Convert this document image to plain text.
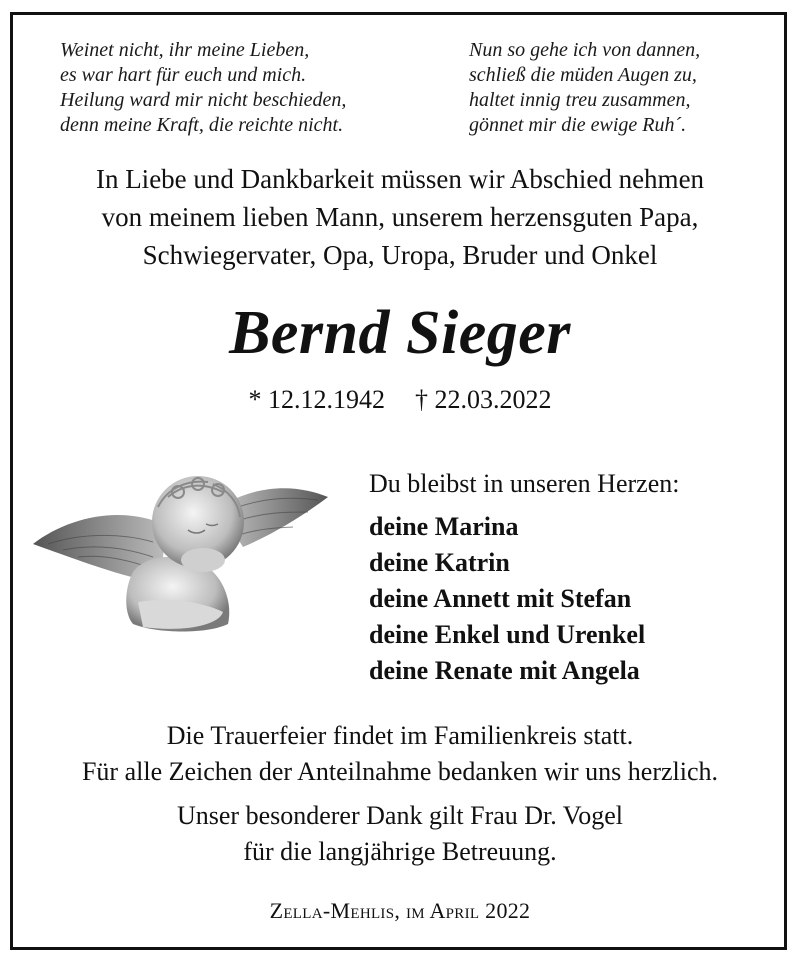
Weinet nicht, ihr meine Lieben,
es war hart für euch und mich.
Heilung ward mir nicht beschieden,
denn meine Kraft, die reichte nicht.
Nun so gehe ich von dannen,
schließ die müden Augen zu,
haltet innig treu zusammen,
gönnet mir die ewige Ruh´.
In Liebe und Dankbarkeit müssen wir Abschied nehmen
von meinem lieben Mann, unserem herzensguten Papa,
Schwiegervater, Opa, Uropa, Bruder und Onkel
Bernd Sieger
* 12.12.1942 † 22.03.2022
Du bleibst in unseren Herzen:
deine Marina
deine Katrin
deine Annett mit Stefan
deine Enkel und Urenkel
deine Renate mit Angela
Die Trauerfeier findet im Familienkreis statt.
Für alle Zeichen der Anteilnahme bedanken wir uns herzlich.
Unser besonderer Dank gilt Frau Dr. Vogel
für die langjährige Betreuung.
Zella-Mehlis, im April 2022
